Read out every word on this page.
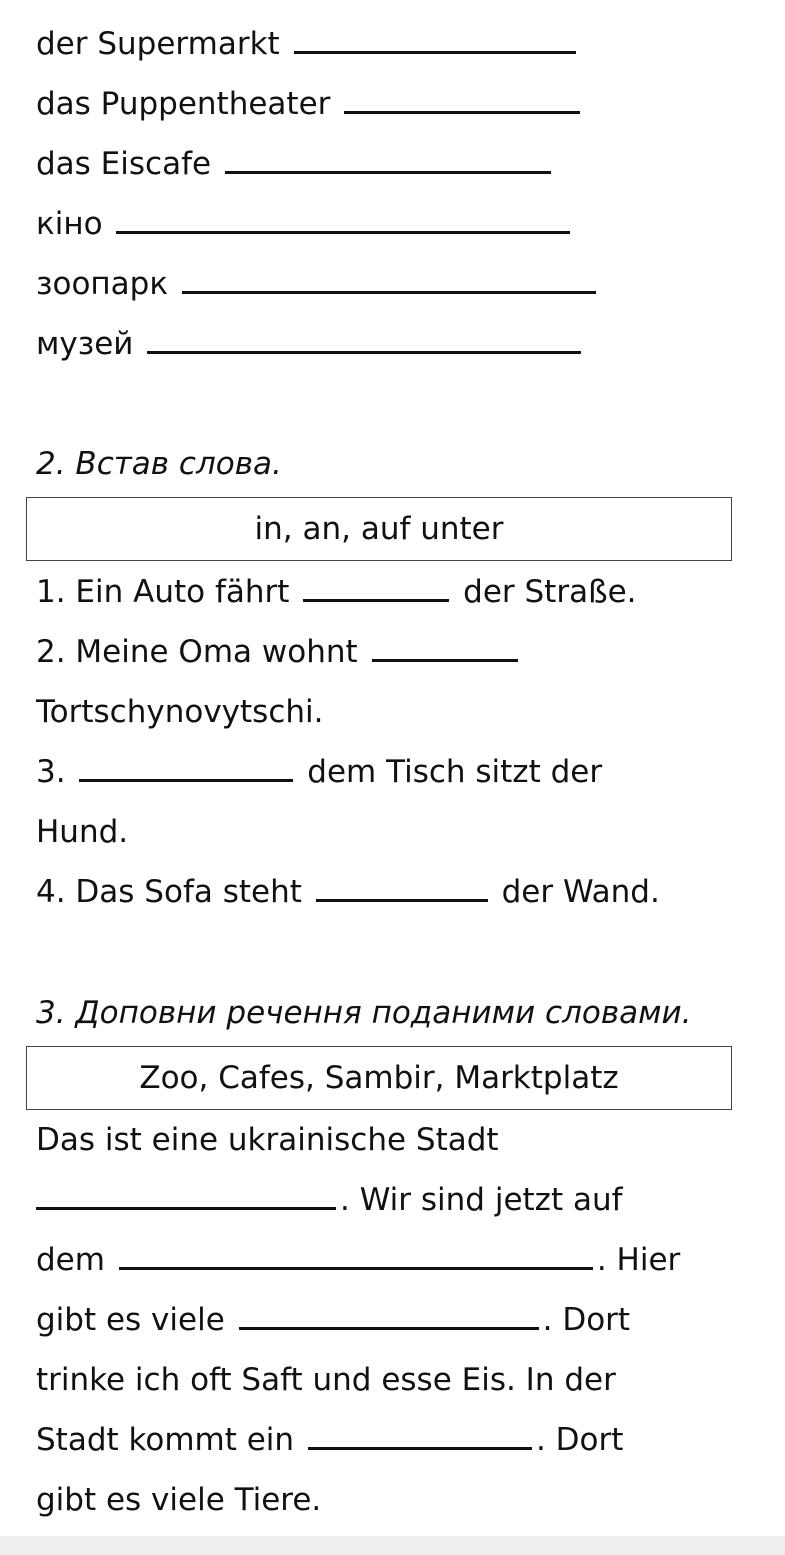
der Supermarkt
das Puppentheater
das Eiscafe
кіно
зоопарк
музей
2. Встав слова.
in, an, auf unter
1. Ein Auto fährt	der Straße.
2. Meine Oma wohnt
Tortschynovytschi.
3.	dem Tisch sitzt der
Hund.
4. Das Sofa steht	der Wand.
3. Доповни речення поданими словами.
Zoo, Cafes, Sambir, Marktplatz
Das ist eine ukrainische Stadt
. Wir sind jetzt auf
dem	. Hier
gibt es viele	. Dort
trinke ich oft Saft und esse Eis. In der
Stadt kommt ein	. Dort
gibt es viele Tiere.
